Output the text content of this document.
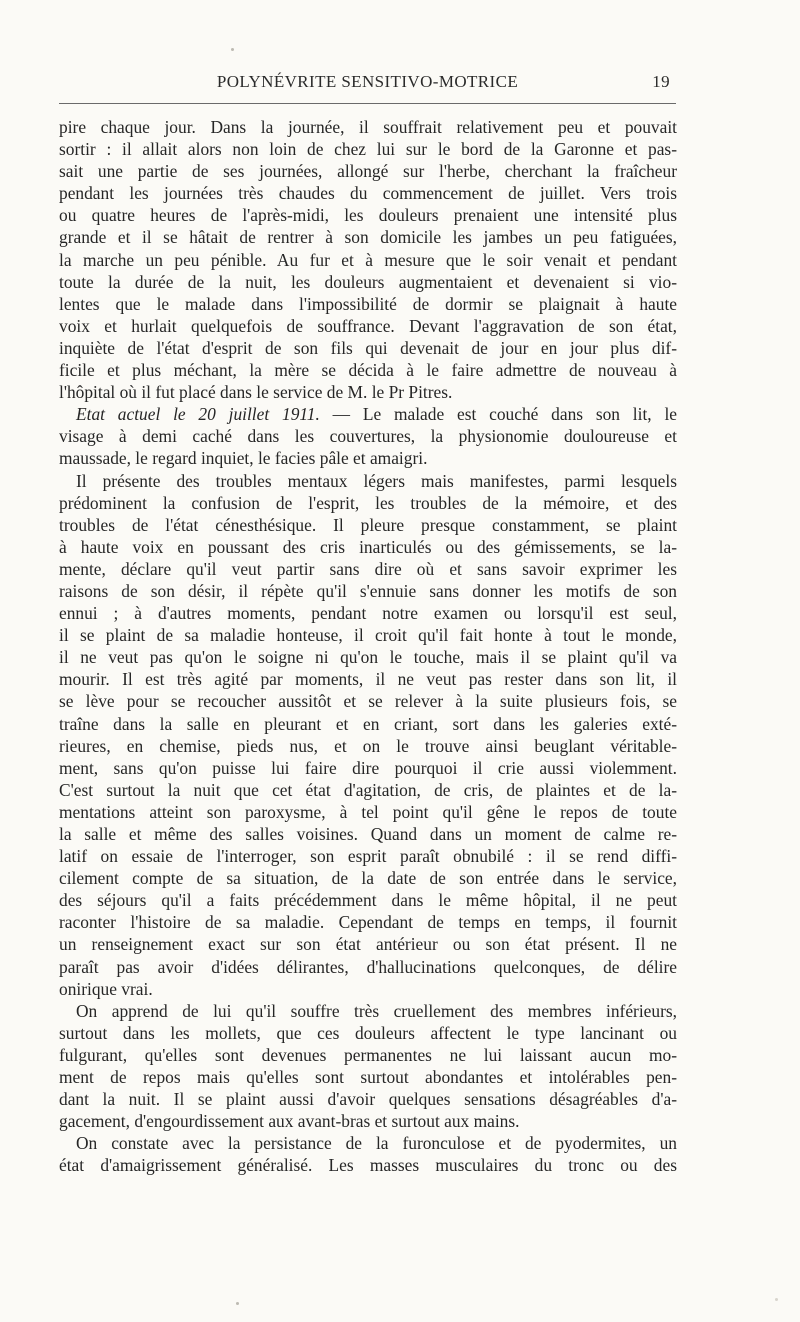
POLYNÉVRITE SENSITIVO-MOTRICE	19
pire chaque jour. Dans la journée, il souffrait relativement peu et pouvait
sortir : il allait alors non loin de chez lui sur le bord de la Garonne et pas-
sait une partie de ses journées, allongé sur l'herbe, cherchant la fraîcheur
pendant les journées très chaudes du commencement de juillet. Vers trois
ou quatre heures de l'après-midi, les douleurs prenaient une intensité plus
grande et il se hâtait de rentrer à son domicile les jambes un peu fatiguées,
la marche un peu pénible. Au fur et à mesure que le soir venait et pendant
toute la durée de la nuit, les douleurs augmentaient et devenaient si vio-
lentes que le malade dans l'impossibilité de dormir se plaignait à haute
voix et hurlait quelquefois de souffrance. Devant l'aggravation de son état,
inquiète de l'état d'esprit de son fils qui devenait de jour en jour plus dif-
ficile et plus méchant, la mère se décida à le faire admettre de nouveau à
l'hôpital où il fut placé dans le service de M. le Pr Pitres.
Etat actuel le 20 juillet 1911. — Le malade est couché dans son lit, le
visage à demi caché dans les couvertures, la physionomie douloureuse et
maussade, le regard inquiet, le facies pâle et amaigri.
Il présente des troubles mentaux légers mais manifestes, parmi lesquels
prédominent la confusion de l'esprit, les troubles de la mémoire, et des
troubles de l'état cénesthésique. Il pleure presque constamment, se plaint
à haute voix en poussant des cris inarticulés ou des gémissements, se la-
mente, déclare qu'il veut partir sans dire où et sans savoir exprimer les
raisons de son désir, il répète qu'il s'ennuie sans donner les motifs de son
ennui ; à d'autres moments, pendant notre examen ou lorsqu'il est seul,
il se plaint de sa maladie honteuse, il croit qu'il fait honte à tout le monde,
il ne veut pas qu'on le soigne ni qu'on le touche, mais il se plaint qu'il va
mourir. Il est très agité par moments, il ne veut pas rester dans son lit, il
se lève pour se recoucher aussitôt et se relever à la suite plusieurs fois, se
traîne dans la salle en pleurant et en criant, sort dans les galeries exté-
rieures, en chemise, pieds nus, et on le trouve ainsi beuglant véritable-
ment, sans qu'on puisse lui faire dire pourquoi il crie aussi violemment.
C'est surtout la nuit que cet état d'agitation, de cris, de plaintes et de la-
mentations atteint son paroxysme, à tel point qu'il gêne le repos de toute
la salle et même des salles voisines. Quand dans un moment de calme re-
latif on essaie de l'interroger, son esprit paraît obnubilé : il se rend diffi-
cilement compte de sa situation, de la date de son entrée dans le service,
des séjours qu'il a faits précédemment dans le même hôpital, il ne peut
raconter l'histoire de sa maladie. Cependant de temps en temps, il fournit
un renseignement exact sur son état antérieur ou son état présent. Il ne
paraît pas avoir d'idées délirantes, d'hallucinations quelconques, de délire
onirique vrai.
On apprend de lui qu'il souffre très cruellement des membres inférieurs,
surtout dans les mollets, que ces douleurs affectent le type lancinant ou
fulgurant, qu'elles sont devenues permanentes ne lui laissant aucun mo-
ment de repos mais qu'elles sont surtout abondantes et intolérables pen-
dant la nuit. Il se plaint aussi d'avoir quelques sensations désagréables d'a-
gacement, d'engourdissement aux avant-bras et surtout aux mains.
On constate avec la persistance de la furonculose et de pyodermites, un
état d'amaigrissement généralisé. Les masses musculaires du tronc ou des
